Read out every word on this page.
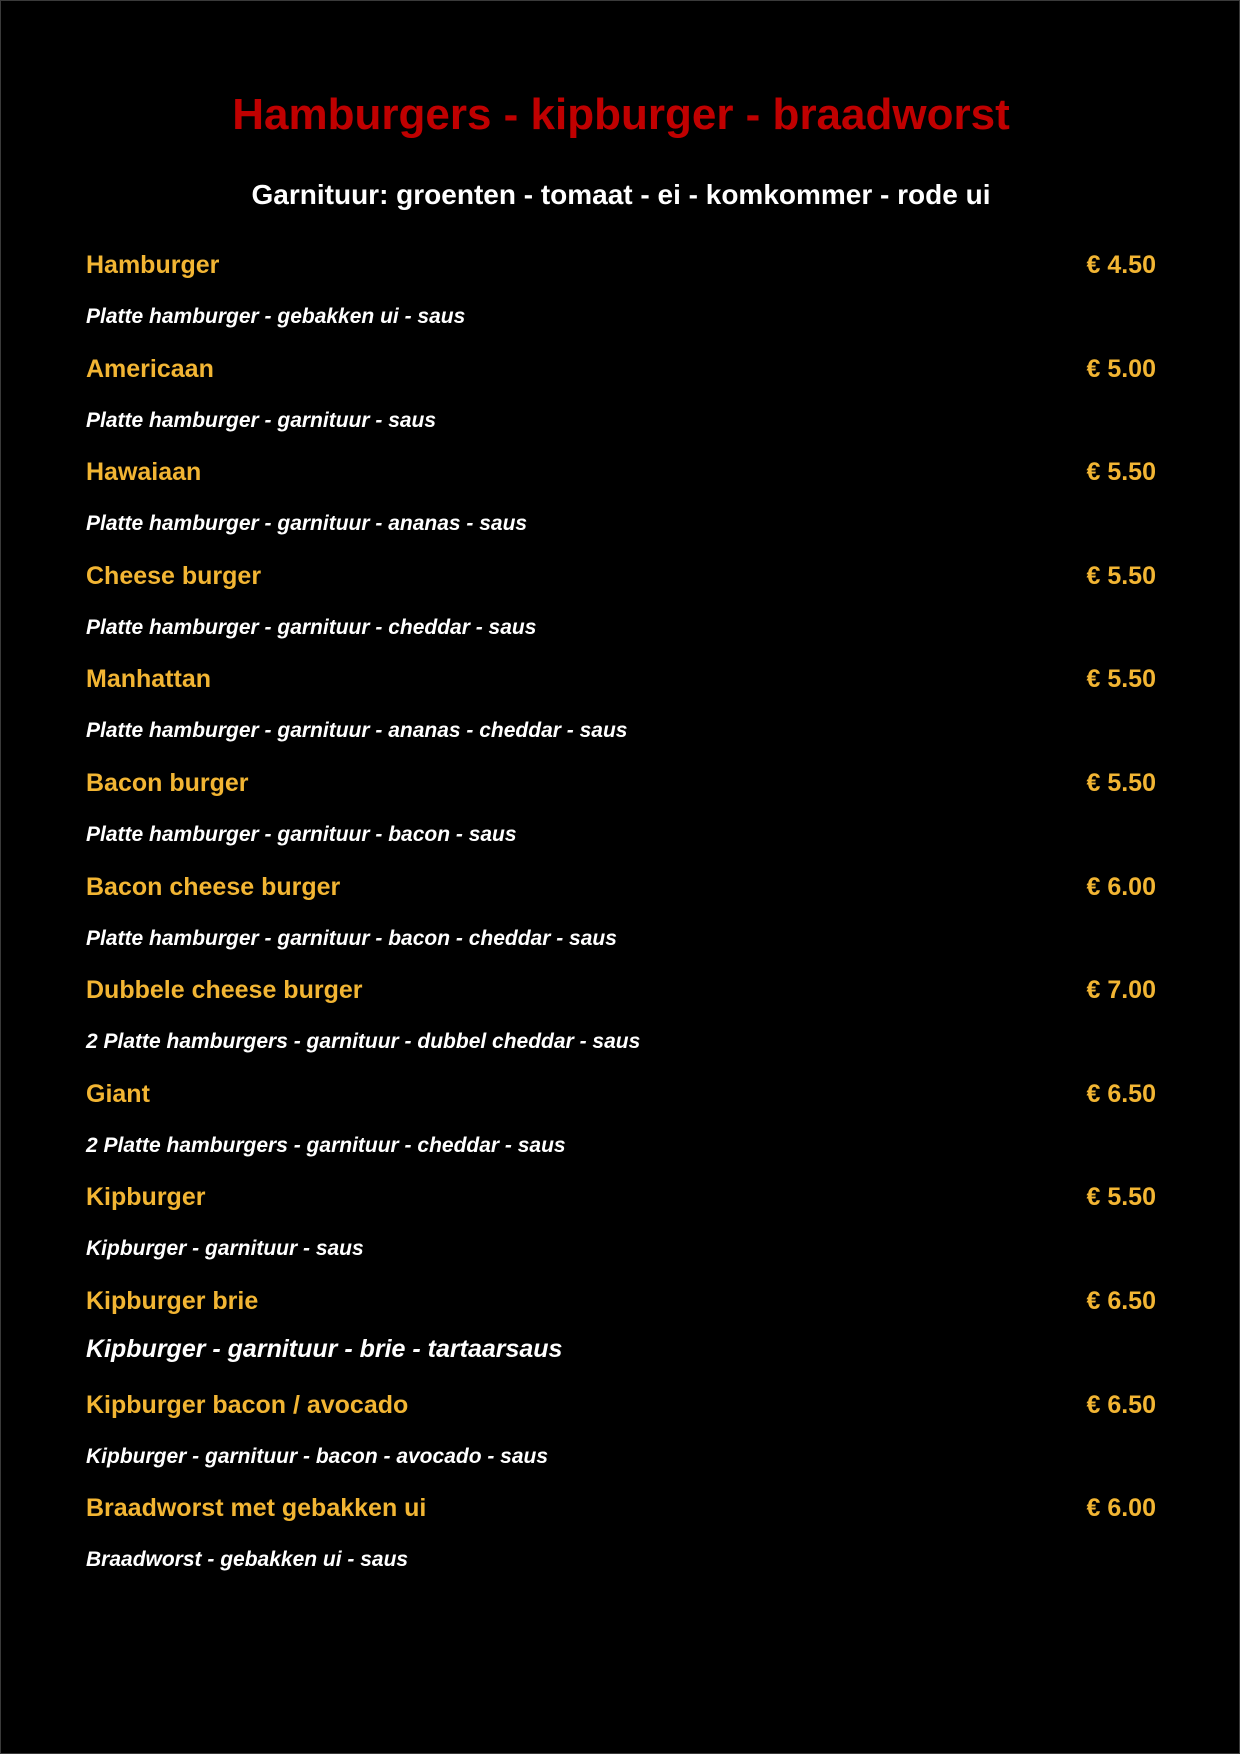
Hamburgers - kipburger - braadworst
Garnituur: groenten - tomaat - ei - komkommer - rode ui
Hamburger	€ 4.50
Platte hamburger - gebakken ui - saus
Americaan	€ 5.00
Platte hamburger - garnituur - saus
Hawaiaan	€ 5.50
Platte hamburger - garnituur - ananas - saus
Cheese burger	€ 5.50
Platte hamburger - garnituur - cheddar - saus
Manhattan	€ 5.50
Platte hamburger - garnituur - ananas - cheddar - saus
Bacon burger	€ 5.50
Platte hamburger - garnituur - bacon - saus
Bacon cheese burger	€ 6.00
Platte hamburger - garnituur - bacon - cheddar - saus
Dubbele cheese burger	€ 7.00
2 Platte hamburgers - garnituur - dubbel cheddar - saus
Giant	€ 6.50
2 Platte hamburgers - garnituur - cheddar - saus
Kipburger	€ 5.50
Kipburger - garnituur - saus
Kipburger brie	€ 6.50
Kipburger - garnituur - brie - tartaarsaus
Kipburger bacon / avocado	€ 6.50
Kipburger - garnituur - bacon - avocado - saus
Braadworst met gebakken ui	€ 6.00
Braadworst - gebakken ui - saus
